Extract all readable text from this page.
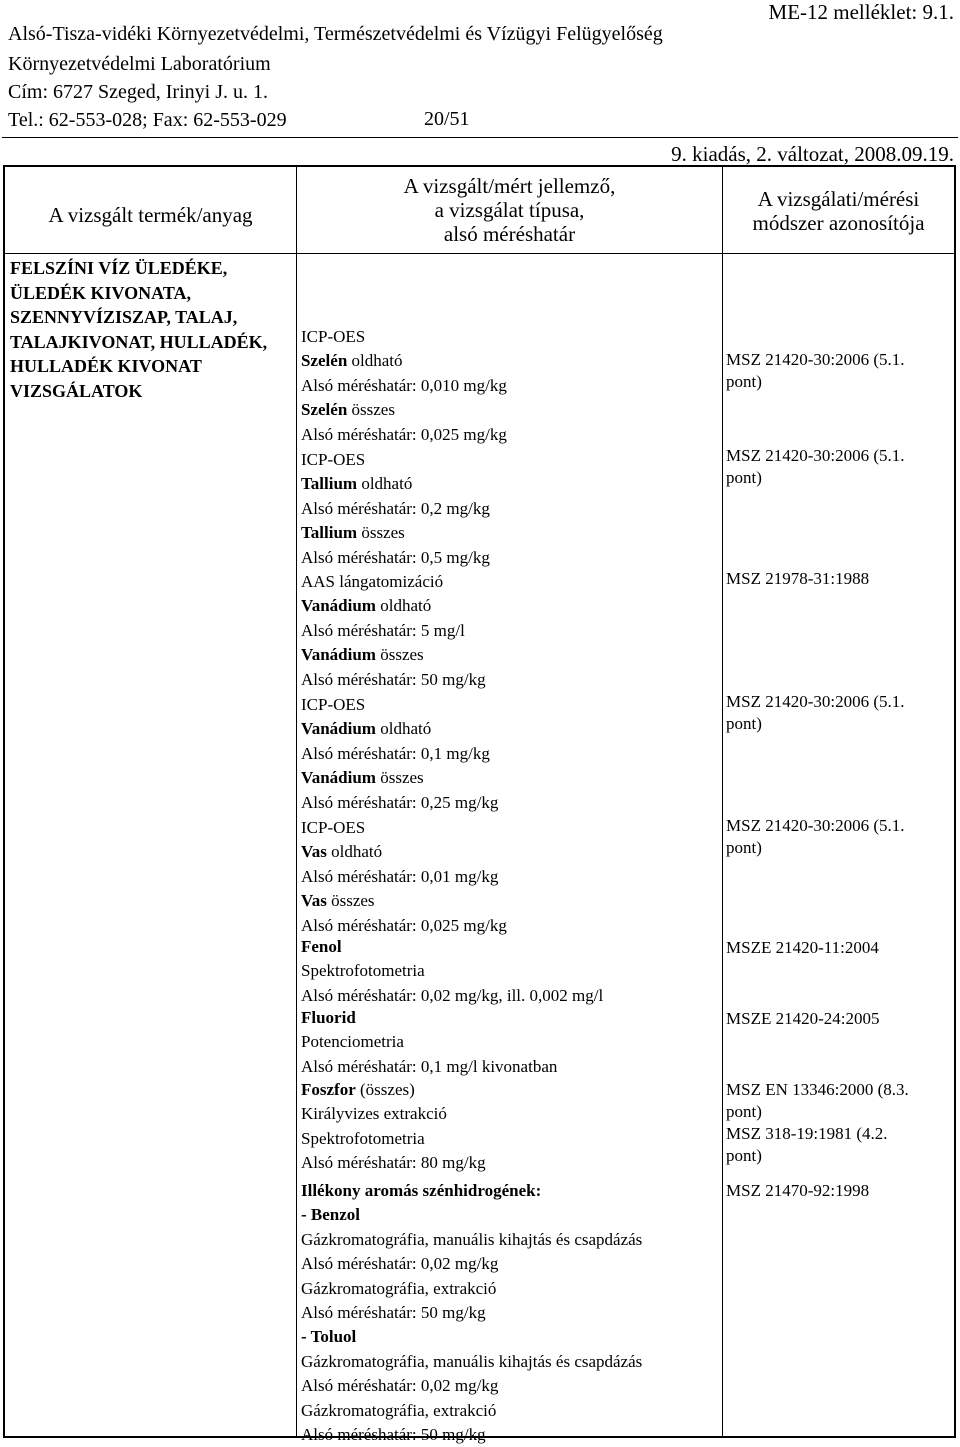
ME-12 melléklet: 9.1.
Alsó-Tisza-vidéki Környezetvédelmi, Természetvédelmi és Vízügyi Felügyelőség
Környezetvédelmi Laboratórium
Cím: 6727 Szeged, Irinyi J. u. 1.
Tel.: 62-553-028; Fax: 62-553-029	20/51
9. kiadás, 2. változat, 2008.09.19.
A vizsgált termék/anyag
A vizsgált/mért jellemző,
a vizsgálat típusa,
alsó méréshatár
A vizsgálati/mérési
módszer azonosítója
FELSZÍNI VÍZ ÜLEDÉKE,
ÜLEDÉK KIVONATA,
SZENNYVÍZISZAP, TALAJ,
TALAJKIVONAT, HULLADÉK,
HULLADÉK KIVONAT
VIZSGÁLATOK
ICP-OES
Szelén oldható
Alsó méréshatár: 0,010 mg/kg
Szelén összes
Alsó méréshatár: 0,025 mg/kg
MSZ 21420-30:2006 (5.1.
pont)
ICP-OES
Tallium oldható
Alsó méréshatár: 0,2 mg/kg
Tallium összes
Alsó méréshatár: 0,5 mg/kg
MSZ 21420-30:2006 (5.1.
pont)
AAS lángatomizáció
Vanádium oldható
Alsó méréshatár: 5 mg/l
Vanádium összes
Alsó méréshatár: 50 mg/kg
MSZ 21978-31:1988
ICP-OES
Vanádium oldható
Alsó méréshatár: 0,1 mg/kg
Vanádium összes
Alsó méréshatár: 0,25 mg/kg
MSZ 21420-30:2006 (5.1.
pont)
ICP-OES
Vas oldható
Alsó méréshatár: 0,01 mg/kg
Vas összes
Alsó méréshatár: 0,025 mg/kg
MSZ 21420-30:2006 (5.1.
pont)
Fenol
Spektrofotometria
Alsó méréshatár: 0,02 mg/kg, ill. 0,002 mg/l
MSZE 21420-11:2004
Fluorid
Potenciometria
Alsó méréshatár: 0,1 mg/l kivonatban
MSZE 21420-24:2005
Foszfor (összes)
Királyvizes extrakció
Spektrofotometria
Alsó méréshatár: 80 mg/kg
MSZ EN 13346:2000 (8.3.
pont)
MSZ 318-19:1981 (4.2.
pont)
Illékony aromás szénhidrogének:
- Benzol
Gázkromatográfia, manuális kihajtás és csapdázás
Alsó méréshatár: 0,02 mg/kg
Gázkromatográfia, extrakció
Alsó méréshatár: 50 mg/kg
- Toluol
Gázkromatográfia, manuális kihajtás és csapdázás
Alsó méréshatár: 0,02 mg/kg
Gázkromatográfia, extrakció
Alsó méréshatár: 50 mg/kg
MSZ 21470-92:1998
